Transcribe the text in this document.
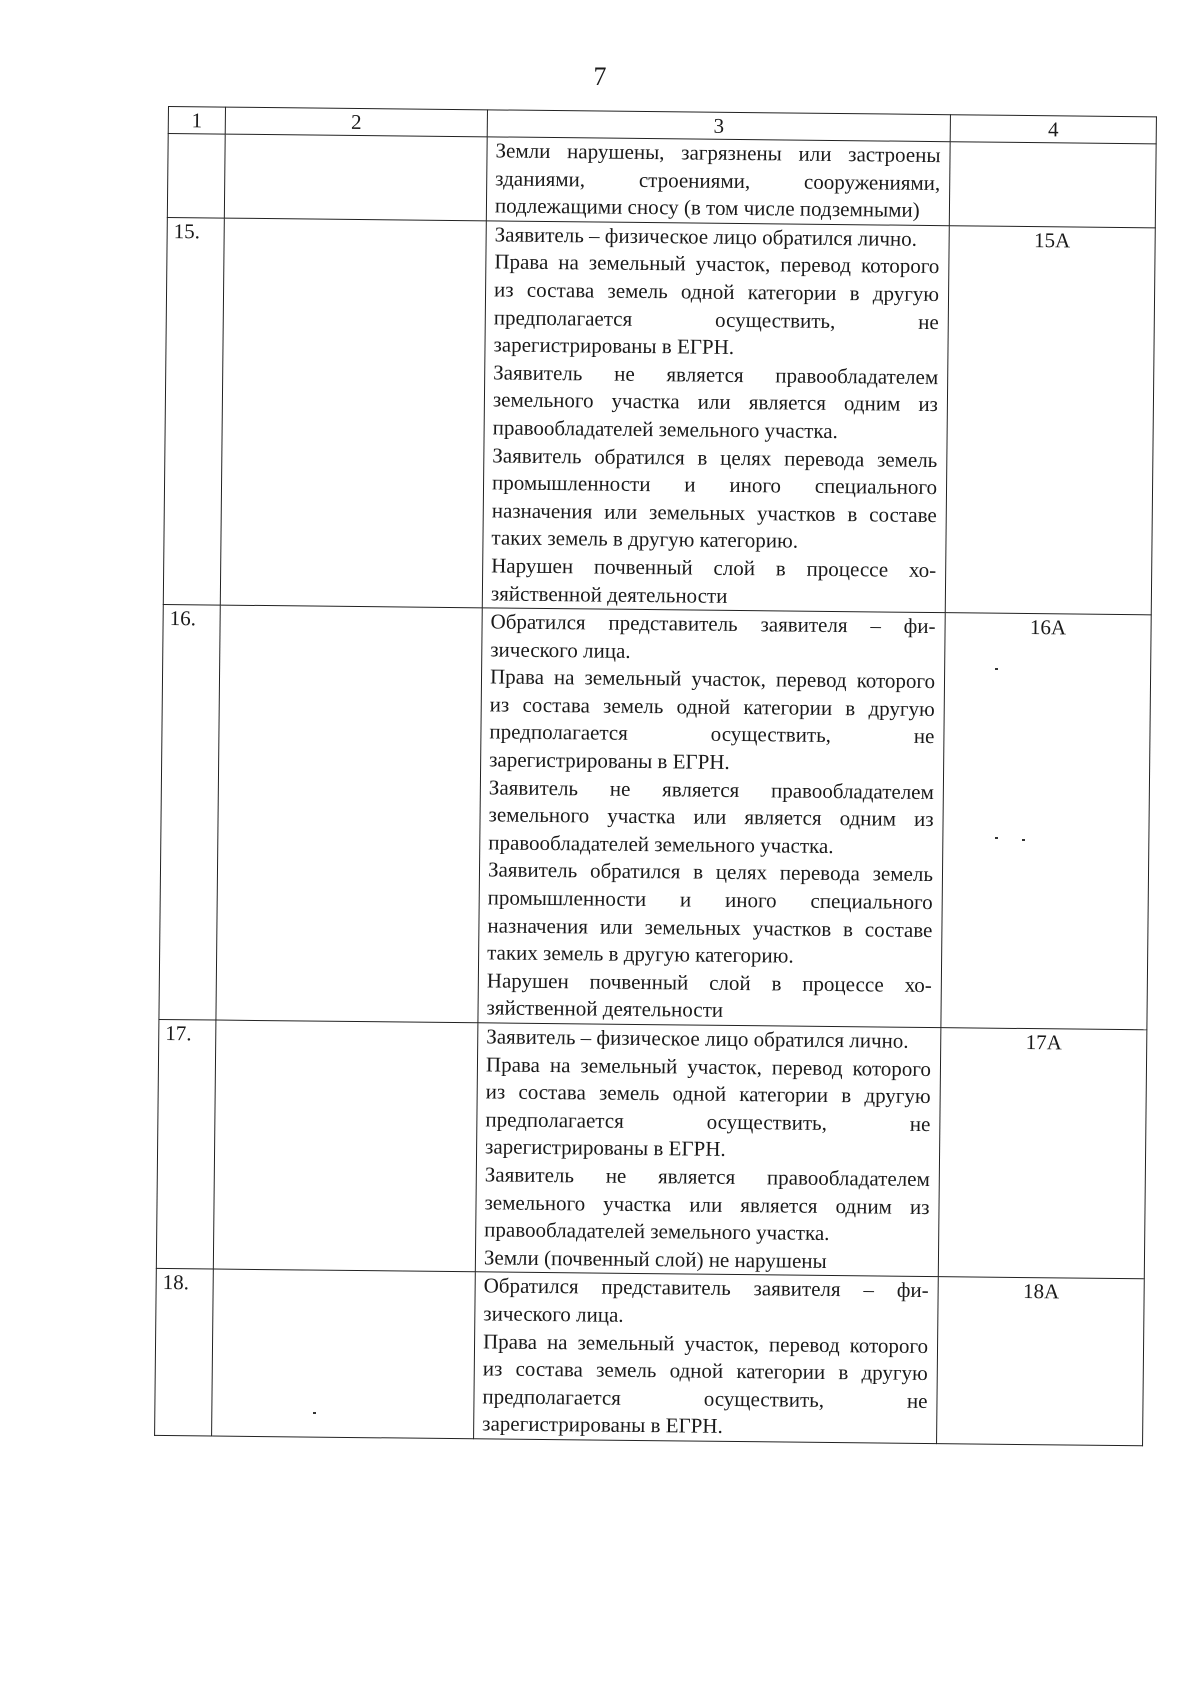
7
1	2	3	4

		Земли нарушены, загрязнены или застроены зданиями, строениями, сооружениями, подлежащими сносу (в том числе подземными)	

15.		Заявитель – физическое лицо обратился лично.
Права на земельный участок, перевод которого из состава земель одной категории в другую предполагается осуществить, не зарегистрированы в ЕГРН.
Заявитель не является правообладателем земельного участка или является одним из правообладателей земельного участка.
Заявитель обратился в целях перевода земель промышленности и иного специального назначения или земельных участков в составе таких земель в другую категорию.
Нарушен почвенный слой в процессе хозяйственной деятельности	15А
16.		Обратился представитель заявителя – физического лица.
Права на земельный участок, перевод которого из состава земель одной категории в другую предполагается осуществить, не зарегистрированы в ЕГРН.
Заявитель не является правообладателем земельного участка или является одним из правообладателей земельного участка.
Заявитель обратился в целях перевода земель промышленности и иного специального назначения или земельных участков в составе таких земель в другую категорию.
Нарушен почвенный слой в процессе хозяйственной деятельности	16А
17.		Заявитель – физическое лицо обратился лично.
Права на земельный участок, перевод которого из состава земель одной категории в другую предполагается осуществить, не зарегистрированы в ЕГРН.
Заявитель не является правообладателем земельного участка или является одним из правообладателей земельного участка.
Земли (почвенный слой) не нарушены	17А
18.		Обратился представитель заявителя – физического лица.
Права на земельный участок, перевод которого из состава земель одной категории в другую предполагается осуществить, не зарегистрированы в ЕГРН.	18А
